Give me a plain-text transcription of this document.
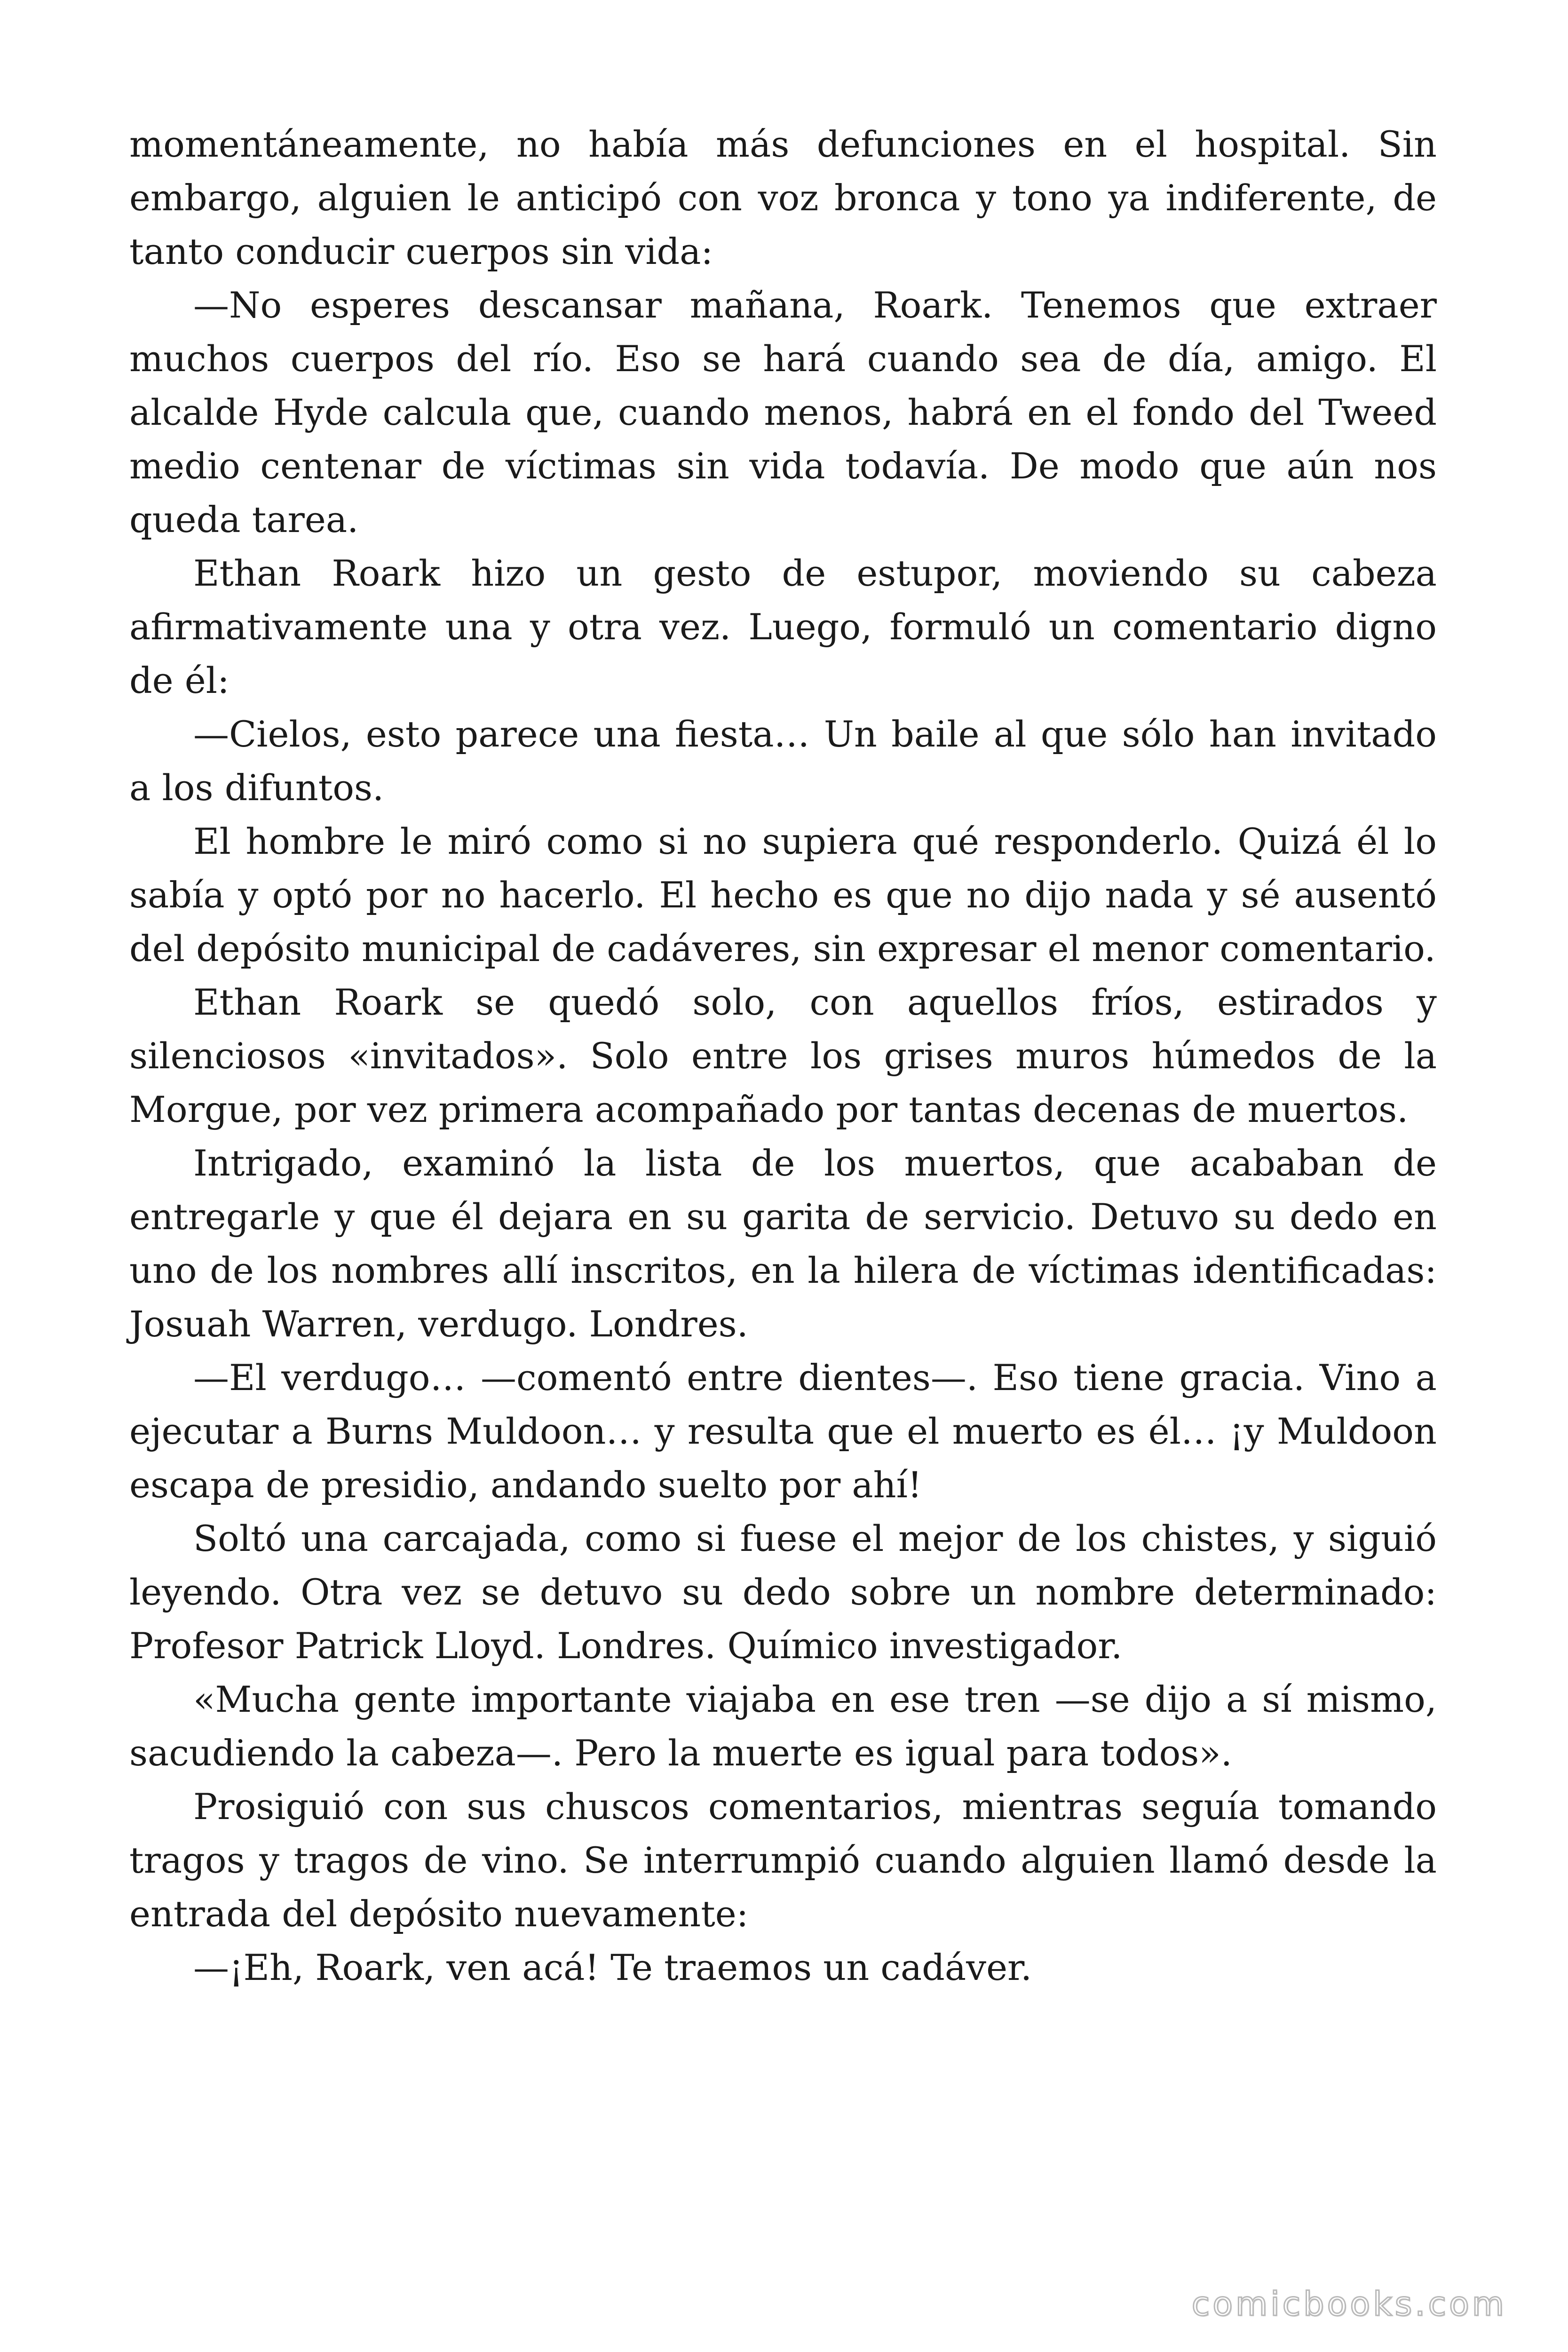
momentáneamente, no había más defunciones en el hospital. Sin embargo, alguien le anticipó con voz bronca y tono ya indiferente, de tanto conducir cuerpos sin vida:

—No esperes descansar mañana, Roark. Tenemos que extraer muchos cuerpos del río. Eso se hará cuando sea de día, amigo. El alcalde Hyde calcula que, cuando menos, habrá en el fondo del Tweed medio centenar de víctimas sin vida todavía. De modo que aún nos queda tarea.

Ethan Roark hizo un gesto de estupor, moviendo su cabeza afirmativamente una y otra vez. Luego, formuló un comentario digno de él:

—Cielos, esto parece una fiesta… Un baile al que sólo han invitado a los difuntos.

El hombre le miró como si no supiera qué responderlo. Quizá él lo sabía y optó por no hacerlo. El hecho es que no dijo nada y sé ausentó del depósito municipal de cadáveres, sin expresar el menor comentario.

Ethan Roark se quedó solo, con aquellos fríos, estirados y silenciosos «invitados». Solo entre los grises muros húmedos de la Morgue, por vez primera acompañado por tantas decenas de muertos.

Intrigado, examinó la lista de los muertos, que acababan de entregarle y que él dejara en su garita de servicio. Detuvo su dedo en uno de los nombres allí inscritos, en la hilera de víctimas identificadas: Josuah Warren, verdugo. Londres.

—El verdugo… —comentó entre dientes—. Eso tiene gracia. Vino a ejecutar a Burns Muldoon… y resulta que el muerto es él… ¡y Muldoon escapa de presidio, andando suelto por ahí!

Soltó una carcajada, como si fuese el mejor de los chistes, y siguió leyendo. Otra vez se detuvo su dedo sobre un nombre determinado: Profesor Patrick Lloyd. Londres. Químico investigador.

«Mucha gente importante viajaba en ese tren —se dijo a sí mismo, sacudiendo la cabeza—. Pero la muerte es igual para todos».

Prosiguió con sus chuscos comentarios, mientras seguía tomando tragos y tragos de vino. Se interrumpió cuando alguien llamó desde la entrada del depósito nuevamente:

—¡Eh, Roark, ven acá! Te traemos un cadáver.

comicbooks.com
